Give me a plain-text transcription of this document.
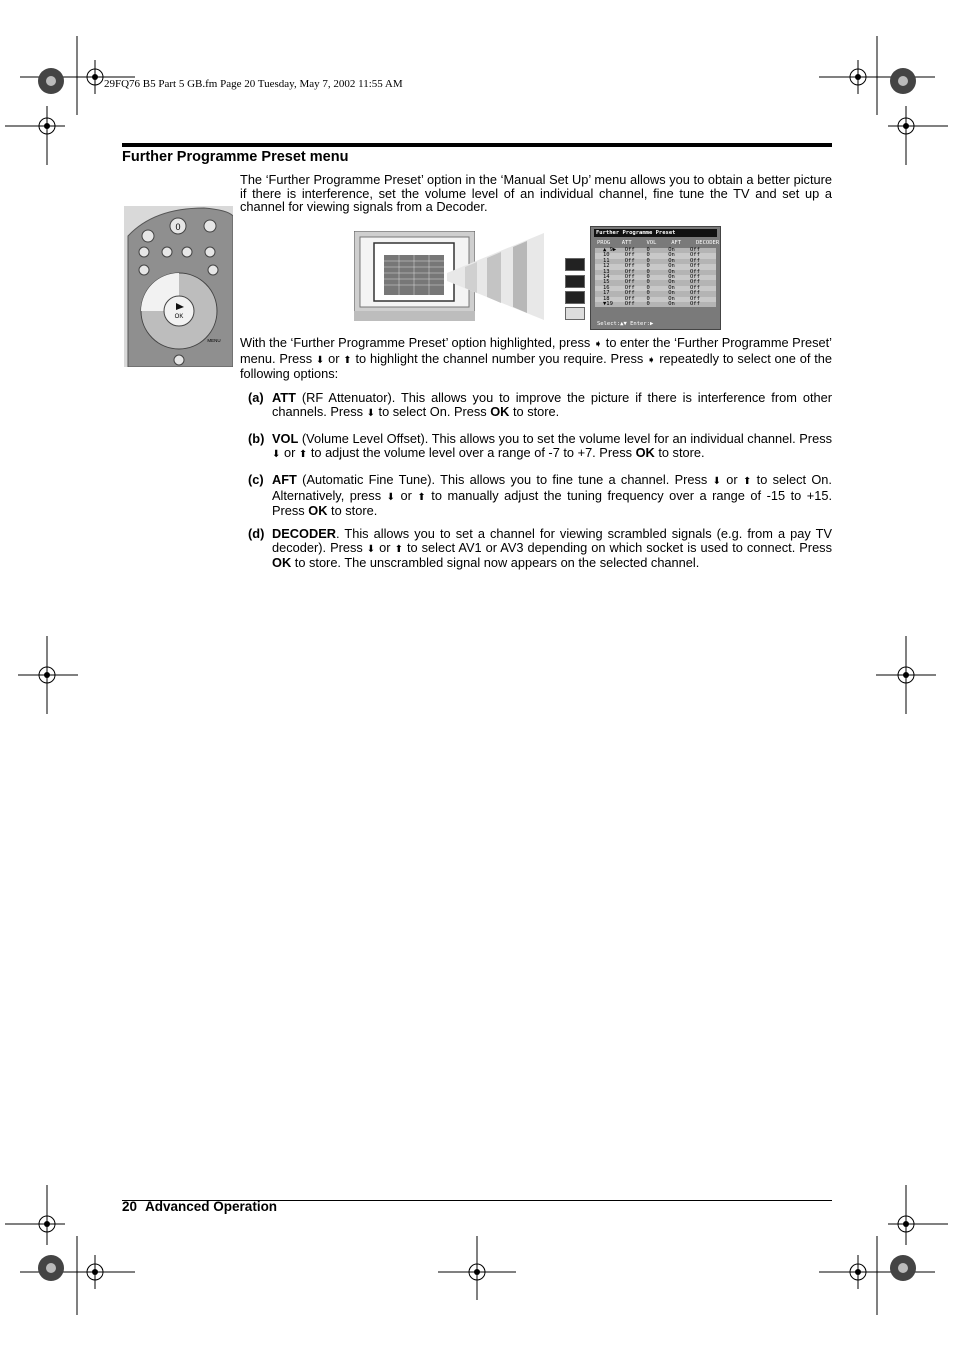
29FQ76 B5 Part 5 GB.fm Page 20 Tuesday, May 7, 2002 11:55 AM
Further Programme Preset menu
The ‘Further Programme Preset’ option in the ‘Manual Set Up’ menu allows you to obtain a better picture if there is interference, set the volume level of an individual channel, fine tune the TV and set up a channel for viewing signals from a Decoder.
OK
MENU
0
Further Programme Preset
PROG	ATT	VOL	AFT	DECODER
▲ 9▶	Off	0	On	Off
10	Off	0	On	Off
11	Off	0	On	Off
12	Off	0	On	Off
13	Off	0	On	Off
14	Off	0	On	Off
15	Off	0	On	Off
16	Off	0	On	Off
17	Off	0	On	Off
18	Off	0	On	Off
▼19	Off	0	On	Off
Select:▲▼ Enter:▶
With the ‘Further Programme Preset’ option highlighted, press ➧ to enter the ‘Further Programme Preset’ menu. Press ⬇ or ⬆ to highlight the channel number you require. Press ➧ repeatedly to select one of the following options:
(a) ATT (RF Attenuator). This allows you to improve the picture if there is interference from other channels. Press ⬇ to select On. Press OK to store.
(b) VOL (Volume Level Offset). This allows you to set the volume level for an individual channel. Press ⬇ or ⬆ to adjust the volume level over a range of -7 to +7. Press OK to store.
(c) AFT (Automatic Fine Tune). This allows you to fine tune a channel. Press ⬇ or ⬆ to select On. Alternatively, press ⬇ or ⬆ to manually adjust the tuning frequency over a range of -15 to +15. Press OK to store.
(d) DECODER. This allows you to set a channel for viewing scrambled signals (e.g. from a pay TV decoder). Press ⬇ or ⬆ to select AV1 or AV3 depending on which socket is used to connect. Press OK to store. The unscrambled signal now appears on the selected channel.
20 Advanced Operation
